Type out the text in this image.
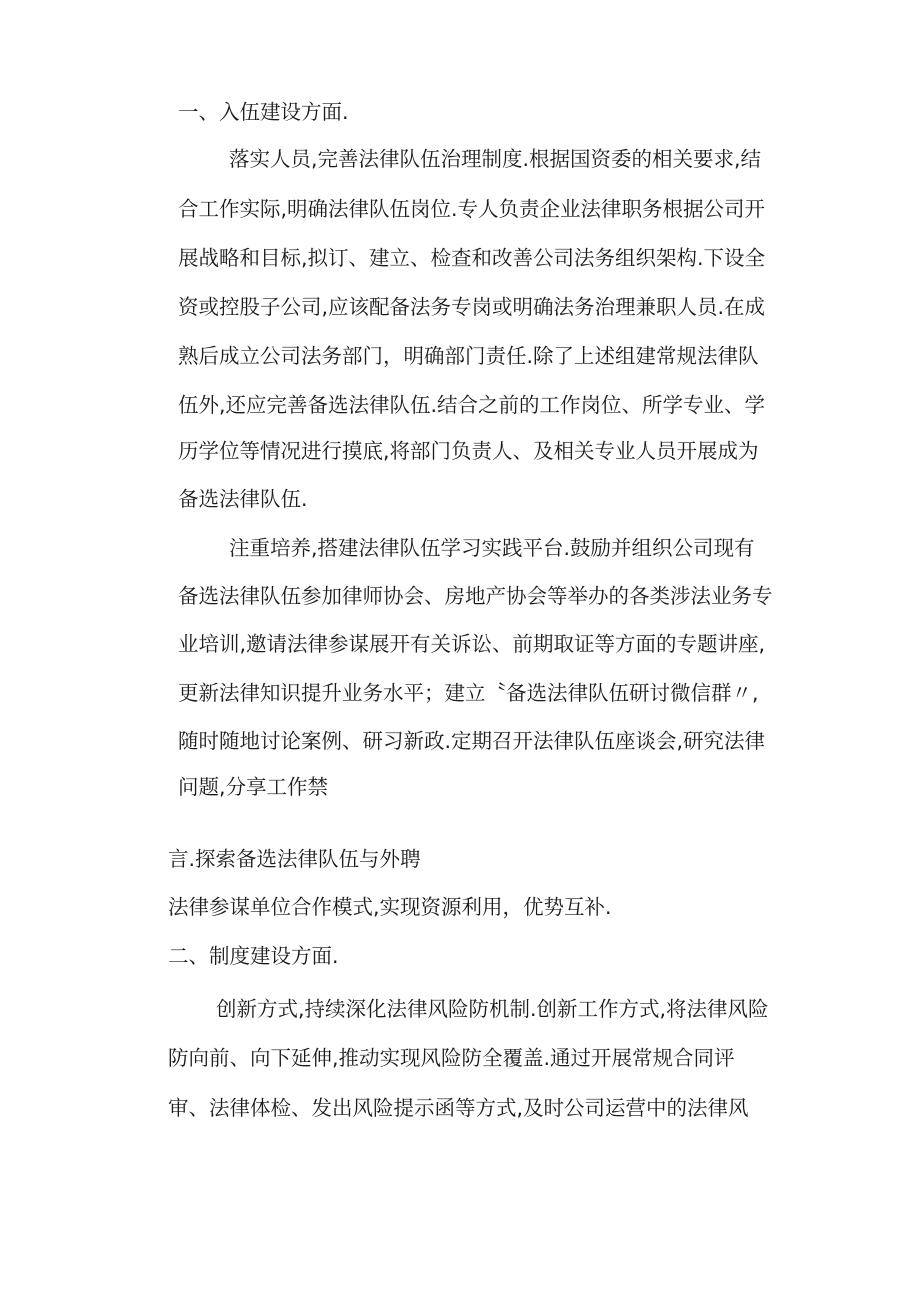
一、入伍建设方面.
落实人员,完善法律队伍治理制度.根据国资委的相关要求,结
合工作实际,明确法律队伍岗位.专人负责企业法律职务根据公司开
展战略和目标,拟订、建立、检查和改善公司法务组织架构.下设全
资或控股子公司,应该配备法务专岗或明确法务治理兼职人员.在成
熟后成立公司法务部门，明确部门责任.除了上述组建常规法律队
伍外,还应完善备选法律队伍.结合之前的工作岗位、所学专业、学
历学位等情况进行摸底,将部门负责人、及相关专业人员开展成为
备选法律队伍.
注重培养,搭建法律队伍学习实践平台.鼓励并组织公司现有
备选法律队伍参加律师协会、房地产协会等举办的各类涉法业务专
业培训,邀请法律参谋展开有关诉讼、前期取证等方面的专题讲座,
更新法律知识提升业务水平；建立〝备选法律队伍研讨微信群〃,
随时随地讨论案例、研习新政.定期召开法律队伍座谈会,研究法律
问题,分享工作禁
言.探索备选法律队伍与外聘
法律参谋单位合作模式,实现资源利用，优势互补.
二、制度建设方面.
创新方式,持续深化法律风险防机制.创新工作方式,将法律风险
防向前、向下延伸,推动实现风险防全覆盖.通过开展常规合同评
审、法律体检、发出风险提示函等方式,及时公司运营中的法律风
